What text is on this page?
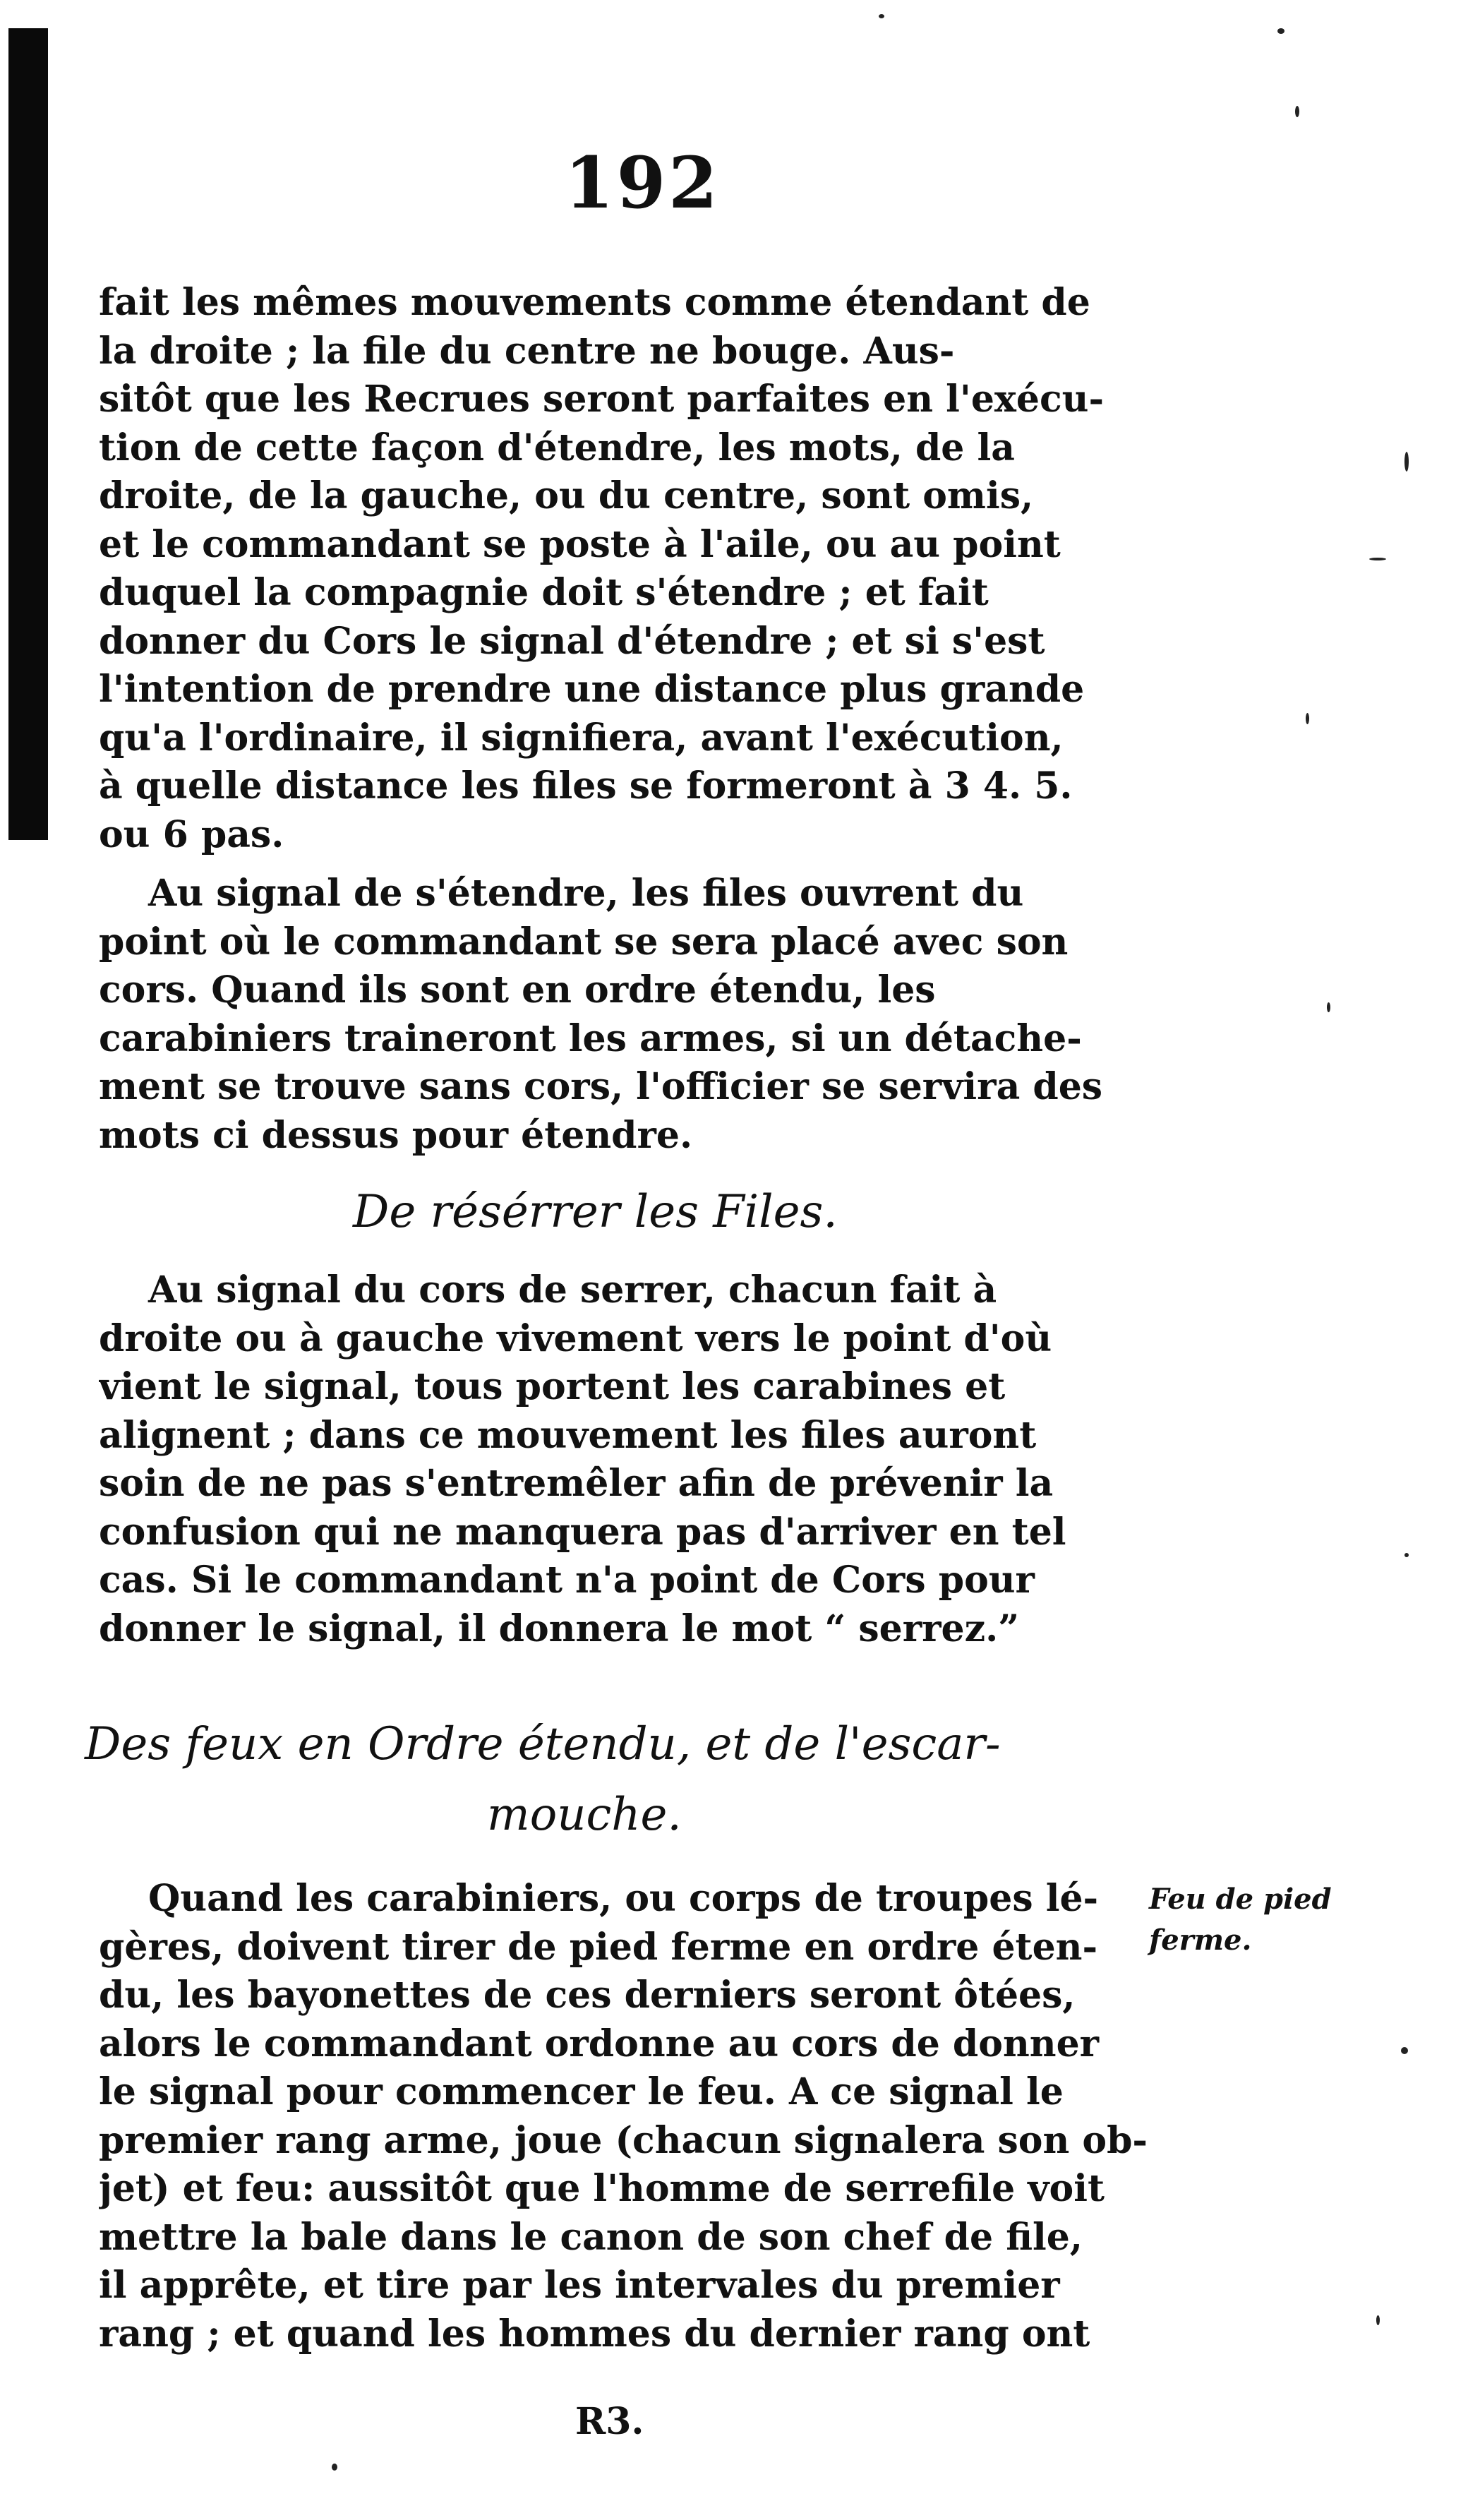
192
fait les mêmes mouvements comme étendant de
la droite ; la file du centre ne bouge. Aus-
sitôt que les Recrues seront parfaites en l'exécu-
tion de cette façon d'étendre, les mots, de la
droite, de la gauche, ou du centre, sont omis,
et le commandant se poste à l'aile, ou au point
duquel la compagnie doit s'étendre ; et fait
donner du Cors le signal d'étendre ; et si s'est
l'intention de prendre une distance plus grande
qu'a l'ordinaire, il signifiera, avant l'exécution,
à quelle distance les files se formeront à 3 4. 5.
ou 6 pas.
Au signal de s'étendre, les files ouvrent du
point où le commandant se sera placé avec son
cors. Quand ils sont en ordre étendu, les
carabiniers traineront les armes, si un détache-
ment se trouve sans cors, l'officier se servira des
mots ci dessus pour étendre.
De résérrer les Files.
Au signal du cors de serrer, chacun fait à
droite ou à gauche vivement vers le point d'où
vient le signal, tous portent les carabines et
alignent ; dans ce mouvement les files auront
soin de ne pas s'entremêler afin de prévenir la
confusion qui ne manquera pas d'arriver en tel
cas. Si le commandant n'a point de Cors pour
donner le signal, il donnera le mot “ serrez.”
Des feux en Ordre étendu, et de l'escar-
mouche.
Quand les carabiniers, ou corps de troupes lé-
gères, doivent tirer de pied ferme en ordre éten-
du, les bayonettes de ces derniers seront ôtées,
alors le commandant ordonne au cors de donner
le signal pour commencer le feu. A ce signal le
premier rang arme, joue (chacun signalera son ob-
jet) et feu: aussitôt que l'homme de serrefile voit
mettre la bale dans le canon de son chef de file,
il apprête, et tire par les intervales du premier
rang ; et quand les hommes du dernier rang ont
Feu de pied
ferme.
R3.
